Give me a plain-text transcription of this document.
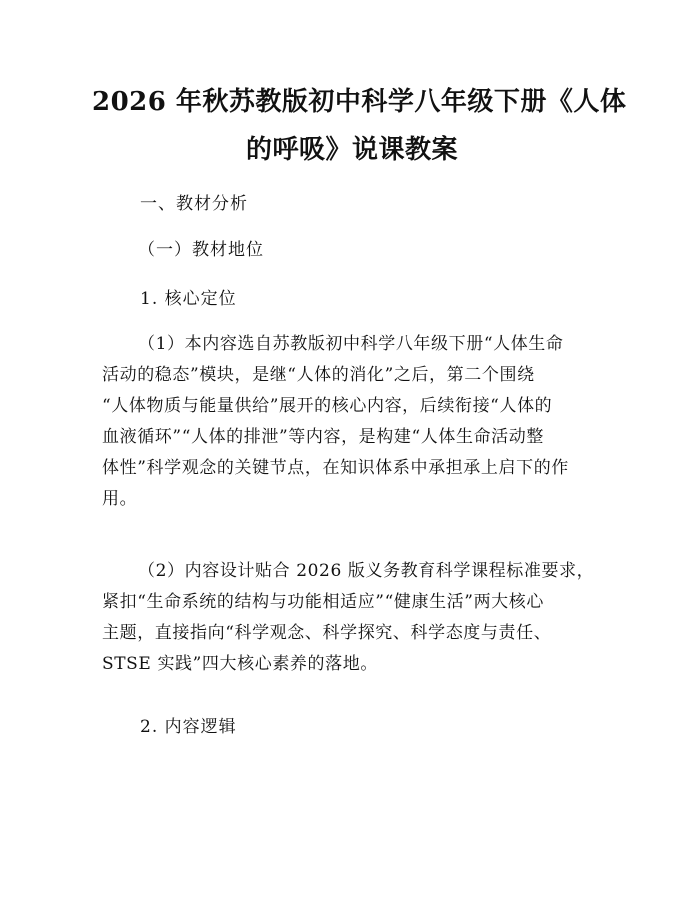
2026 年秋苏教版初中科学八年级下册《人体
的呼吸》说课教案

一、教材分析

（一）教材地位

1. 核心定位

（1）本内容选自苏教版初中科学八年级下册“人体生命
活动的稳态”模块，是继“人体的消化”之后，第二个围绕
“人体物质与能量供给”展开的核心内容，后续衔接“人体的
血液循环”“人体的排泄”等内容，是构建“人体生命活动整
体性”科学观念的关键节点，在知识体系中承担承上启下的作
用。

（2）内容设计贴合 2026 版义务教育科学课程标准要求，
紧扣“生命系统的结构与功能相适应”“健康生活”两大核心
主题，直接指向“科学观念、科学探究、科学态度与责任、
STSE 实践”四大核心素养的落地。

2. 内容逻辑
